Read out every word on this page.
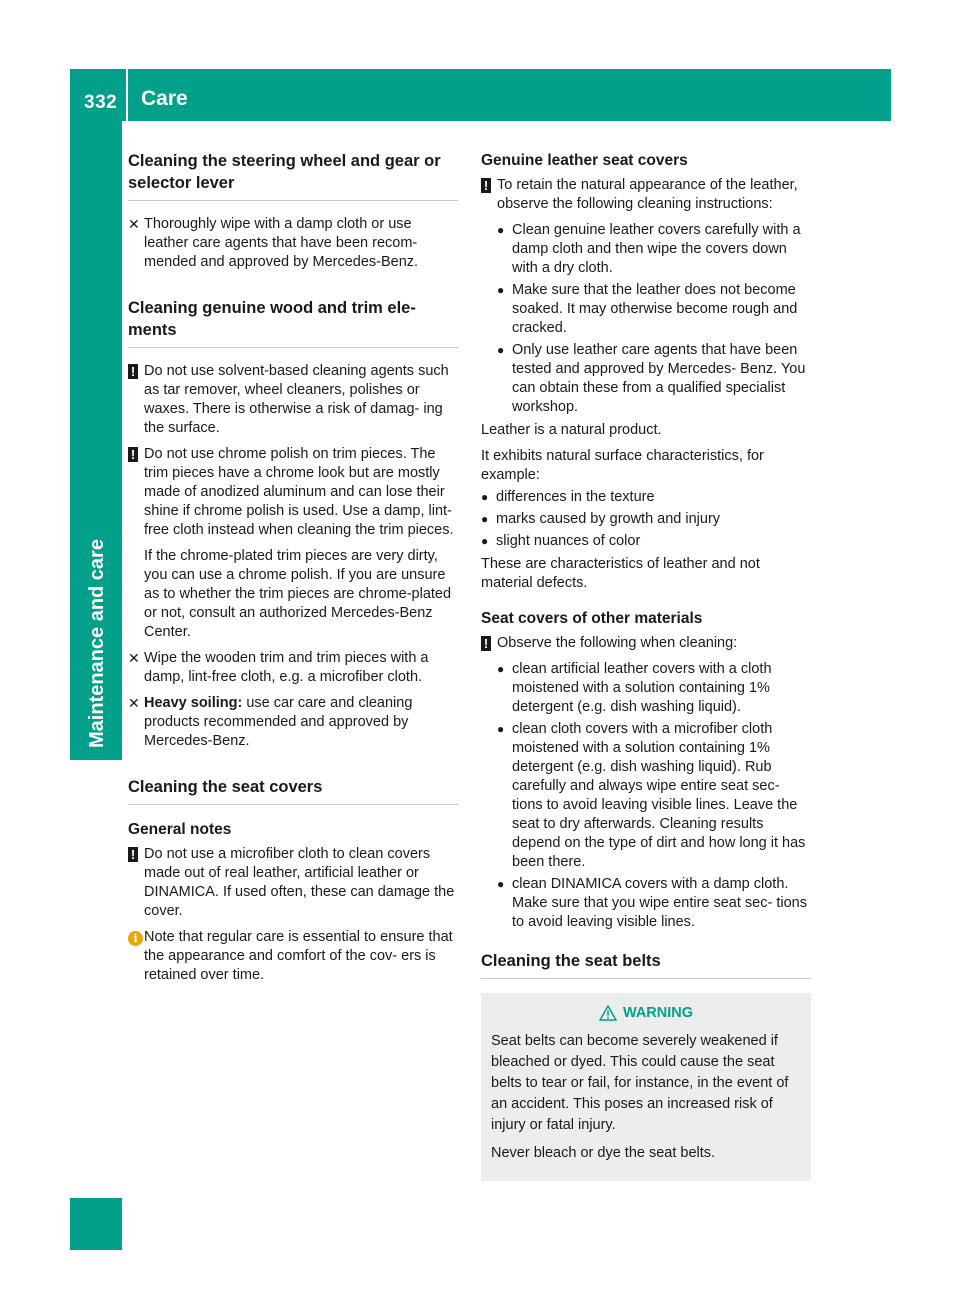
332 Care
Maintenance and care
Cleaning the steering wheel and gear or selector lever
✕ Thoroughly wipe with a damp cloth or use leather care agents that have been recom- mended and approved by Mercedes-Benz.
Cleaning genuine wood and trim ele- ments
! Do not use solvent-based cleaning agents such as tar remover, wheel cleaners, polishes or waxes. There is otherwise a risk of damag- ing the surface.
! Do not use chrome polish on trim pieces. The trim pieces have a chrome look but are mostly made of anodized aluminum and can lose their shine if chrome polish is used. Use a damp, lint-free cloth instead when cleaning the trim pieces.
If the chrome-plated trim pieces are very dirty, you can use a chrome polish. If you are unsure as to whether the trim pieces are chrome-plated or not, consult an authorized Mercedes-Benz Center.
✕ Wipe the wooden trim and trim pieces with a damp, lint-free cloth, e.g. a microfiber cloth.
✕ Heavy soiling: use car care and cleaning products recommended and approved by Mercedes-Benz.
Cleaning the seat covers
General notes
! Do not use a microfiber cloth to clean covers made out of real leather, artificial leather or DINAMICA. If used often, these can damage the cover.
i Note that regular care is essential to ensure that the appearance and comfort of the cov- ers is retained over time.
Genuine leather seat covers
! To retain the natural appearance of the leather, observe the following cleaning instructions:
● Clean genuine leather covers carefully with a damp cloth and then wipe the covers down with a dry cloth.
● Make sure that the leather does not become soaked. It may otherwise become rough and cracked.
● Only use leather care agents that have been tested and approved by Mercedes- Benz. You can obtain these from a qualified specialist workshop.

Leather is a natural product.

It exhibits natural surface characteristics, for example:

● differences in the texture
● marks caused by growth and injury
● slight nuances of color

These are characteristics of leather and not material defects.

Seat covers of other materials
! Observe the following when cleaning:
● clean artificial leather covers with a cloth moistened with a solution containing 1% detergent (e.g. dish washing liquid).
● clean cloth covers with a microfiber cloth moistened with a solution containing 1% detergent (e.g. dish washing liquid). Rub carefully and always wipe entire seat sec- tions to avoid leaving visible lines. Leave the seat to dry afterwards. Cleaning results depend on the type of dirt and how long it has been there.
● clean DINAMICA covers with a damp cloth. Make sure that you wipe entire seat sec- tions to avoid leaving visible lines.
Cleaning the seat belts
WARNING

Seat belts can become severely weakened if bleached or dyed. This could cause the seat belts to tear or fail, for instance, in the event of an accident. This poses an increased risk of injury or fatal injury.

Never bleach or dye the seat belts.
